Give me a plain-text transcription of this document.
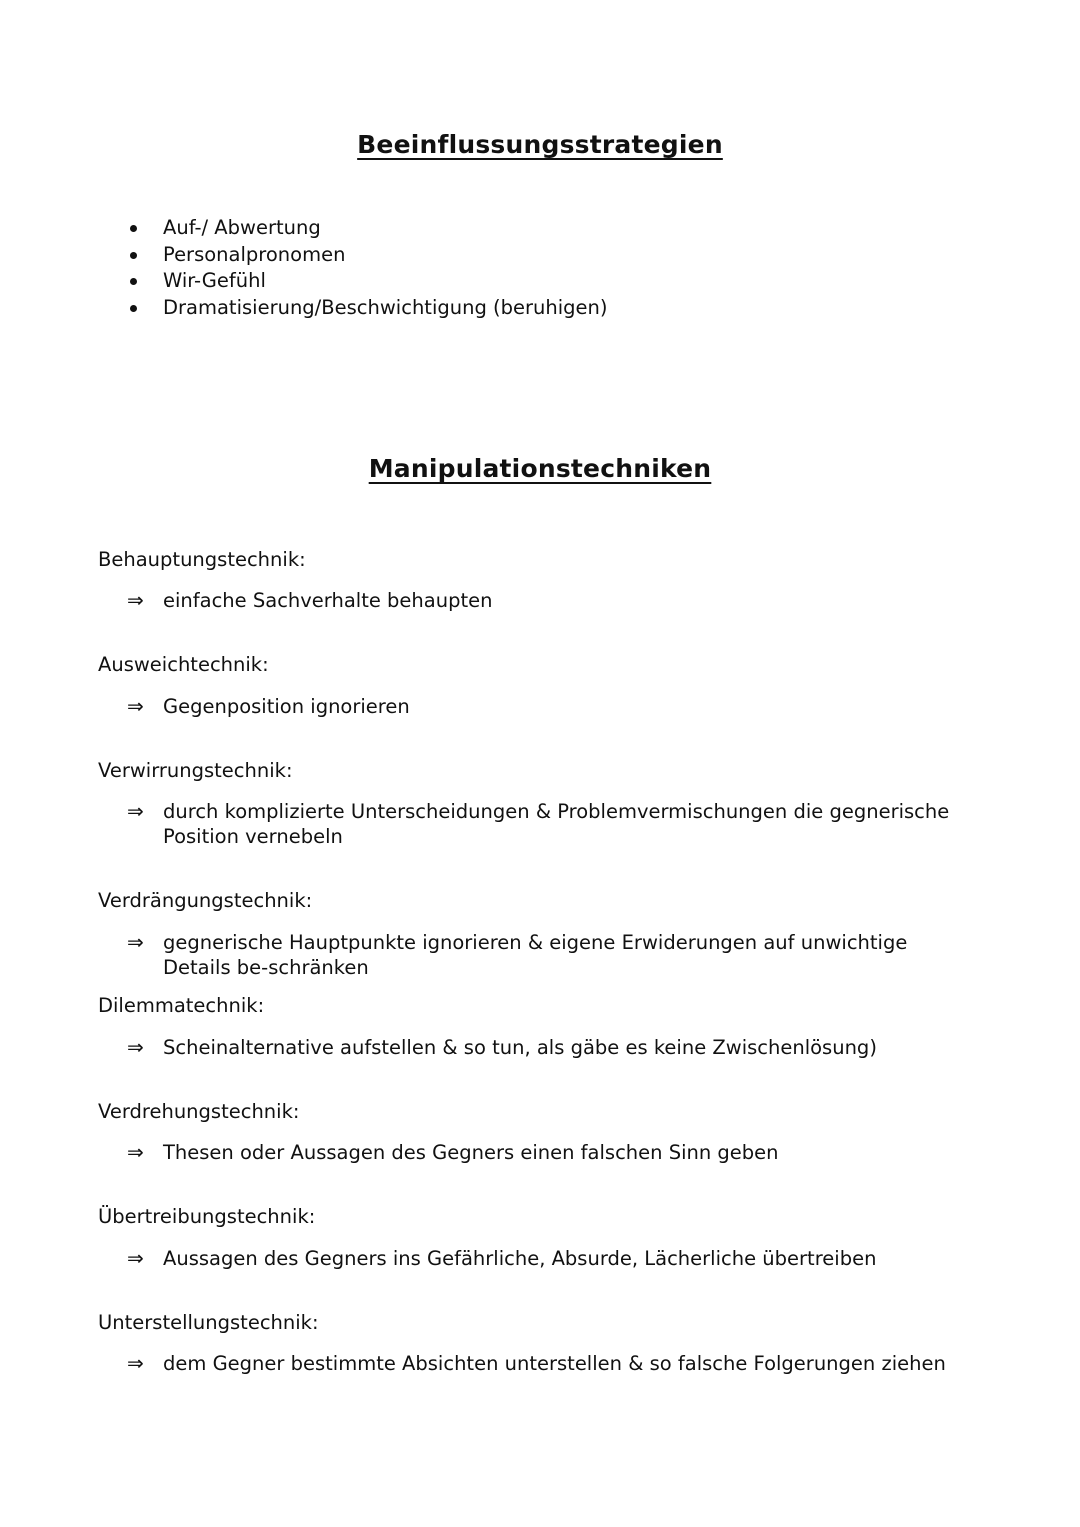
Beeinflussungsstrategien
Auf-/ Abwertung
Personalpronomen
Wir-Gefühl
Dramatisierung/Beschwichtigung (beruhigen)
Manipulationstechniken
Behauptungstechnik:
⇒ einfache Sachverhalte behaupten
Ausweichtechnik:
⇒ Gegenposition ignorieren
Verwirrungstechnik:
⇒ durch komplizierte Unterscheidungen & Problemvermischungen die gegnerische Position vernebeln
Verdrängungstechnik:
⇒ gegnerische Hauptpunkte ignorieren & eigene Erwiderungen auf unwichtige Details be-schränken
Dilemmatechnik:
⇒ Scheinalternative aufstellen & so tun, als gäbe es keine Zwischenlösung)
Verdrehungstechnik:
⇒ Thesen oder Aussagen des Gegners einen falschen Sinn geben
Übertreibungstechnik:
⇒ Aussagen des Gegners ins Gefährliche, Absurde, Lächerliche übertreiben
Unterstellungstechnik:
⇒ dem Gegner bestimmte Absichten unterstellen & so falsche Folgerungen ziehen
